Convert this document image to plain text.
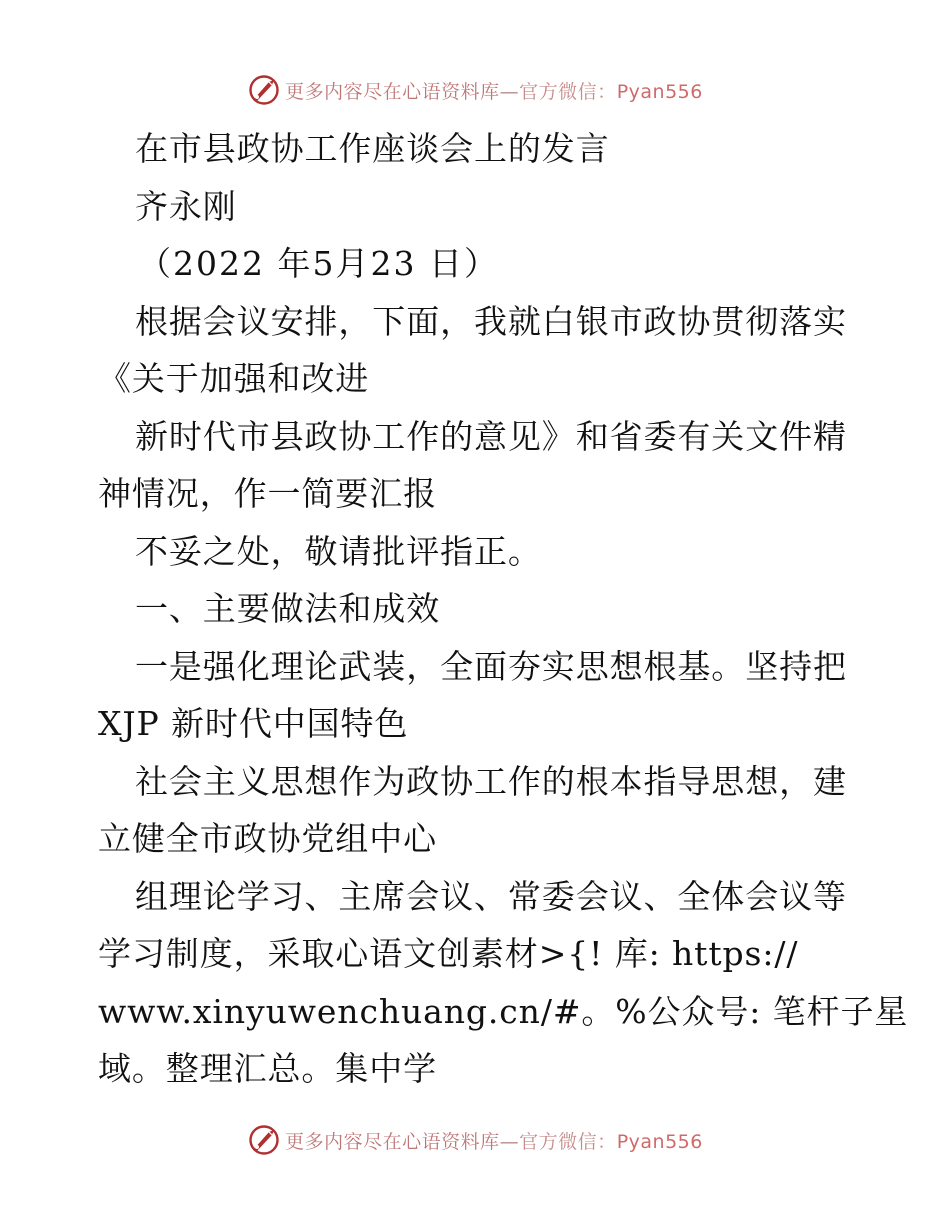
更多内容尽在心语资料库—官方微信：Pyan556
在市县政协工作座谈会上的发言
齐永刚
（2022 年5月23 日）
根据会议安排，下面，我就白银市政协贯彻落实
《关于加强和改进
新时代市县政协工作的意见》和省委有关文件精
神情况，作一简要汇报
不妥之处，敬请批评指正。
一、主要做法和成效
一是强化理论武装，全面夯实思想根基。坚持把
XJP 新时代中国特色
社会主义思想作为政协工作的根本指导思想，建
立健全市政协党组中心
组理论学习、主席会议、常委会议、全体会议等
学习制度，采取心语文创素材>{! 库: https://
www.xinyuwenchuang.cn/#。%公众号: 笔杆子星
域。整理汇总。集中学
更多内容尽在心语资料库—官方微信：Pyan556
